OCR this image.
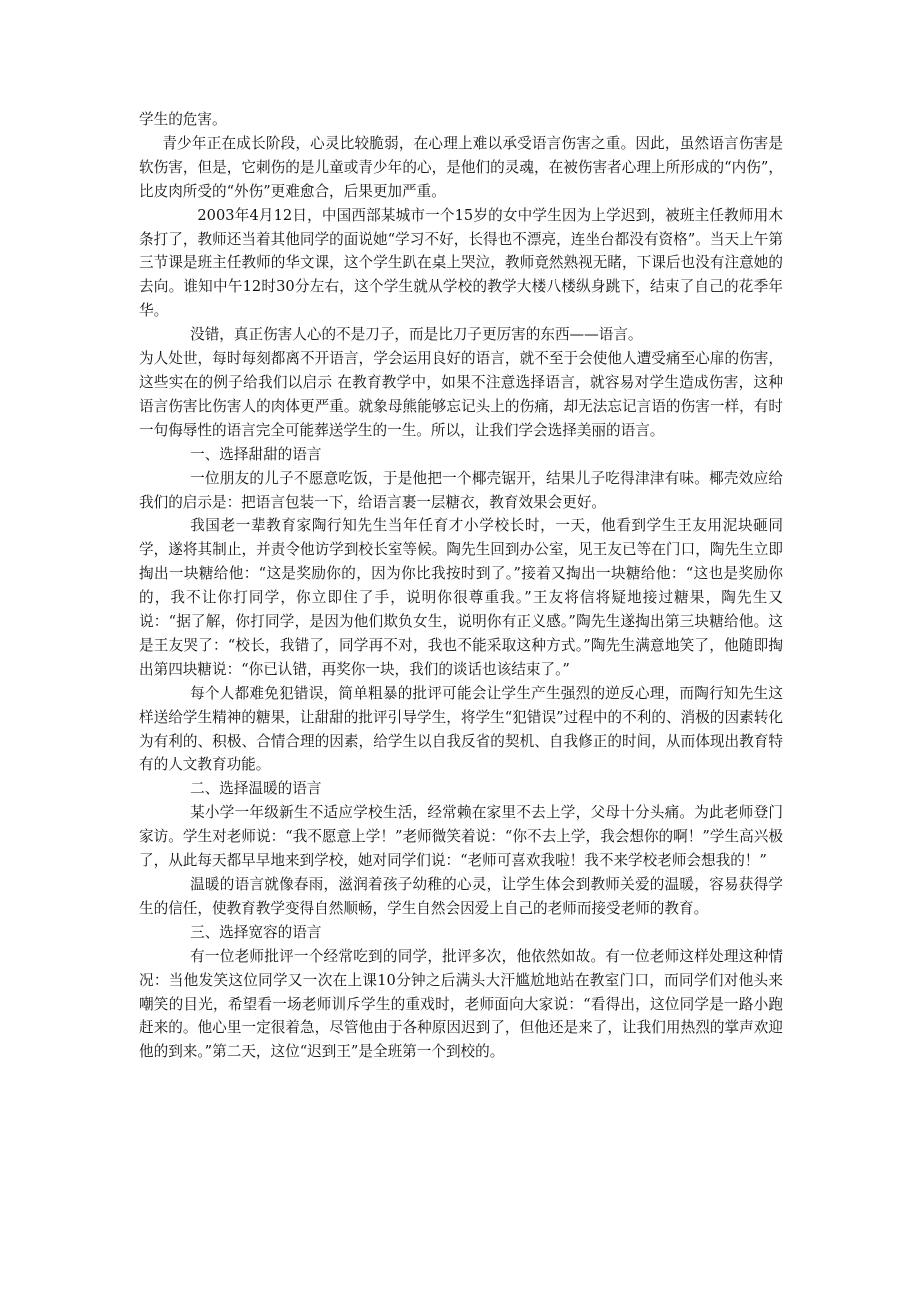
学生的危害。

青少年正在成长阶段，心灵比较脆弱，在心理上难以承受语言伤害之重。因此，虽然语言伤害是软伤害，但是，它刺伤的是儿童或青少年的心，是他们的灵魂，在被伤害者心理上所形成的“内伤”，比皮肉所受的“外伤”更难愈合，后果更加严重。

2003年4月12日，中国西部某城市一个15岁的女中学生因为上学迟到，被班主任教师用木条打了，教师还当着其他同学的面说她“学习不好，长得也不漂亮，连坐台都没有资格”。当天上午第三节课是班主任教师的华文课，这个学生趴在桌上哭泣，教师竟然熟视无睹，下课后也没有注意她的去向。谁知中午12时30分左右，这个学生就从学校的教学大楼八楼纵身跳下，结束了自己的花季年华。

没错，真正伤害人心的不是刀子，而是比刀子更厉害的东西——语言。

为人处世，每时每刻都离不开语言，学会运用良好的语言，就不至于会使他人遭受痛至心扉的伤害，这些实在的例子给我们以启示 在教育教学中，如果不注意选择语言，就容易对学生造成伤害，这种语言伤害比伤害人的肉体更严重。就象母熊能够忘记头上的伤痛，却无法忘记言语的伤害一样，有时一句侮辱性的语言完全可能葬送学生的一生。所以，让我们学会选择美丽的语言。

一、选择甜甜的语言

一位朋友的儿子不愿意吃饭，于是他把一个椰壳锯开，结果儿子吃得津津有味。椰壳效应给我们的启示是：把语言包装一下，给语言裹一层糖衣，教育效果会更好。

我国老一辈教育家陶行知先生当年任育才小学校长时，一天，他看到学生王友用泥块砸同学，遂将其制止，并责令他访学到校长室等候。陶先生回到办公室，见王友已等在门口，陶先生立即掏出一块糖给他：“这是奖励你的，因为你比我按时到了。”接着又掏出一块糖给他：“这也是奖励你的，我不让你打同学，你立即住了手，说明你很尊重我。”王友将信将疑地接过糖果，陶先生又说：“据了解，你打同学，是因为他们欺负女生，说明你有正义感。”陶先生遂掏出第三块糖给他。这是王友哭了：“校长，我错了，同学再不对，我也不能采取这种方式。”陶先生满意地笑了，他随即掏出第四块糖说：“你已认错，再奖你一块，我们的谈话也该结束了。”

每个人都难免犯错误，简单粗暴的批评可能会让学生产生强烈的逆反心理，而陶行知先生这样送给学生精神的糖果，让甜甜的批评引导学生，将学生“犯错误”过程中的不利的、消极的因素转化为有利的、积极、合情合理的因素，给学生以自我反省的契机、自我修正的时间，从而体现出教育特有的人文教育功能。

二、选择温暖的语言

某小学一年级新生不适应学校生活，经常赖在家里不去上学，父母十分头痛。为此老师登门家访。学生对老师说：“我不愿意上学！”老师微笑着说：“你不去上学，我会想你的啊！”学生高兴极了，从此每天都早早地来到学校，她对同学们说：“老师可喜欢我啦！我不来学校老师会想我的！”

温暖的语言就像春雨，滋润着孩子幼稚的心灵，让学生体会到教师关爱的温暖，容易获得学生的信任，使教育教学变得自然顺畅，学生自然会因爱上自己的老师而接受老师的教育。

三、选择宽容的语言

有一位老师批评一个经常吃到的同学，批评多次，他依然如故。有一位老师这样处理这种情况：当他发笑这位同学又一次在上课10分钟之后满头大汗尴尬地站在教室门口，而同学们对他头来嘲笑的目光，希望看一场老师训斥学生的重戏时，老师面向大家说：“看得出，这位同学是一路小跑赶来的。他心里一定很着急，尽管他由于各种原因迟到了，但他还是来了，让我们用热烈的掌声欢迎他的到来。”第二天，这位“迟到王”是全班第一个到校的。
